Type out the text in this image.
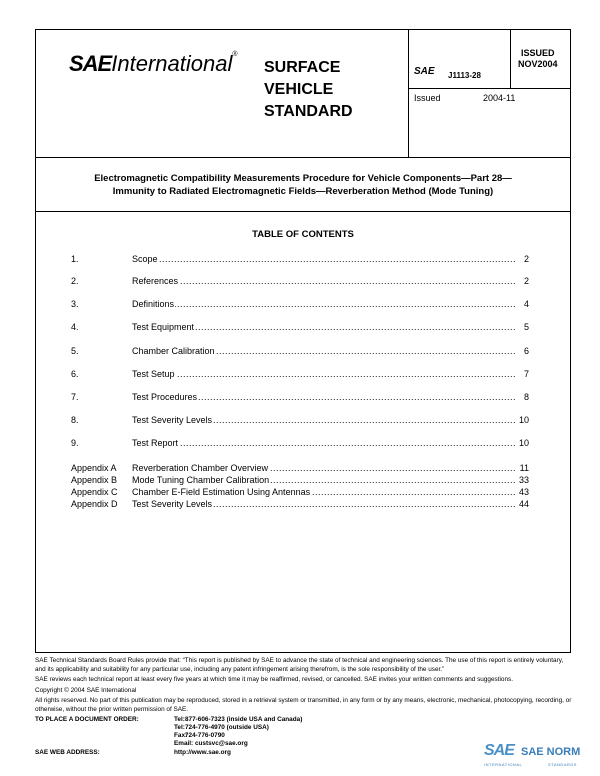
SAEInternational®
SURFACE
VEHICLE
STANDARD
SAE J1113-28
ISSUED
NOV2004
Issued	2004-11
Electromagnetic Compatibility Measurements Procedure for Vehicle Components—Part 28—
Immunity to Radiated Electromagnetic Fields—Reverberation Method (Mode Tuning)
TABLE OF CONTENTS
1.	Scope .....	2
2.	References .....	2
3.	Definitions .....	4
4.	Test Equipment .....	5
5.	Chamber Calibration .....	6
6.	Test Setup .....	7
7.	Test Procedures .....	8
8.	Test Severity Levels .....	10
9.	Test Report .....	10
Appendix A Reverberation Chamber Overview .....	11
Appendix B Mode Tuning Chamber Calibration .....	33
Appendix C Chamber E-Field Estimation Using Antennas .....	43
Appendix D Test Severity Levels .....	44

SAE Technical Standards Board Rules provide that: “This report is published by SAE to advance the state of technical and engineering sciences. The use of this report is entirely voluntary, and its applicability and suitability for any particular use, including any patent infringement arising therefrom, is the sole responsibility of the user.”

SAE reviews each technical report at least every five years at which time it may be reaffirmed, revised, or cancelled. SAE invites your written comments and suggestions.

Copyright © 2004 SAE International

All rights reserved. No part of this publication may be reproduced, stored in a retrieval system or transmitted, in any form or by any means, electronic, mechanical, photocopying, recording, or otherwise, without the prior written permission of SAE.

TO PLACE A DOCUMENT ORDER:	Tel: 877-606-7323 (inside USA and Canada)
Tel: 724-776-4970 (outside USA)
Fax:
724-776-0790
Email: custsvc@sae.org
SAE WEB ADDRESS:	http://www.sae.org	SAE SAE NORM
INTERNATIONAL	STANDARDS
